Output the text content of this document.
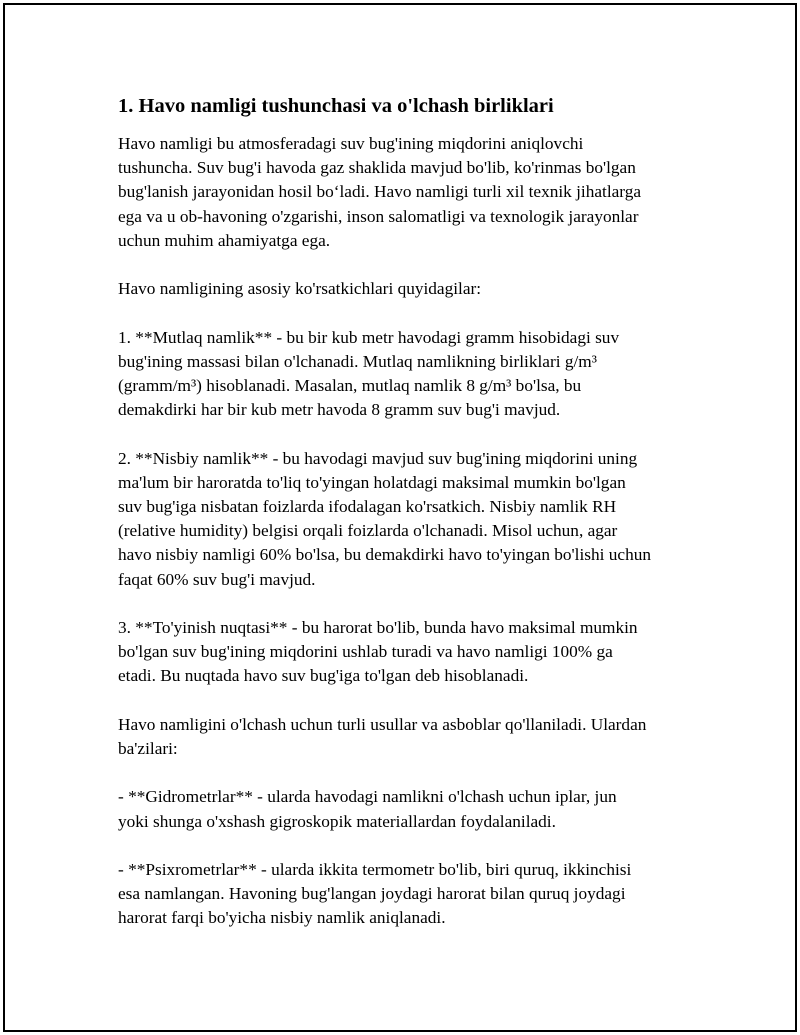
1. Havo namligi tushunchasi va o'lchash birliklari

Havo namligi bu atmosferadagi suv bug'ining miqdorini aniqlovchi
tushuncha. Suv bug'i havoda gaz shaklida mavjud bo'lib, ko'rinmas bo'lgan
bug'lanish jarayonidan hosil bo‘ladi. Havo namligi turli xil texnik jihatlarga
ega va u ob-havoning o'zgarishi, inson salomatligi va texnologik jarayonlar
uchun muhim ahamiyatga ega.

Havo namligining asosiy ko'rsatkichlari quyidagilar:

1. **Mutlaq namlik** - bu bir kub metr havodagi gramm hisobidagi suv
bug'ining massasi bilan o'lchanadi. Mutlaq namlikning birliklari g/m³
(gramm/m³) hisoblanadi. Masalan, mutlaq namlik 8 g/m³ bo'lsa, bu
demakdirki har bir kub metr havoda 8 gramm suv bug'i mavjud.

2. **Nisbiy namlik** - bu havodagi mavjud suv bug'ining miqdorini uning
ma'lum bir haroratda to'liq to'yingan holatdagi maksimal mumkin bo'lgan
suv bug'iga nisbatan foizlarda ifodalagan ko'rsatkich. Nisbiy namlik RH
(relative humidity) belgisi orqali foizlarda o'lchanadi. Misol uchun, agar
havo nisbiy namligi 60% bo'lsa, bu demakdirki havo to'yingan bo'lishi uchun
faqat 60% suv bug'i mavjud.

3. **To'yinish nuqtasi** - bu harorat bo'lib, bunda havo maksimal mumkin
bo'lgan suv bug'ining miqdorini ushlab turadi va havo namligi 100% ga
etadi. Bu nuqtada havo suv bug'iga to'lgan deb hisoblanadi.

Havo namligini o'lchash uchun turli usullar va asboblar qo'llaniladi. Ulardan
ba'zilari:

- **Gidrometrlar** - ularda havodagi namlikni o'lchash uchun iplar, jun
yoki shunga o'xshash gigroskopik materiallardan foydalaniladi.

- **Psixrometrlar** - ularda ikkita termometr bo'lib, biri quruq, ikkinchisi
esa namlangan. Havoning bug'langan joydagi harorat bilan quruq joydagi
harorat farqi bo'yicha nisbiy namlik aniqlanadi.
